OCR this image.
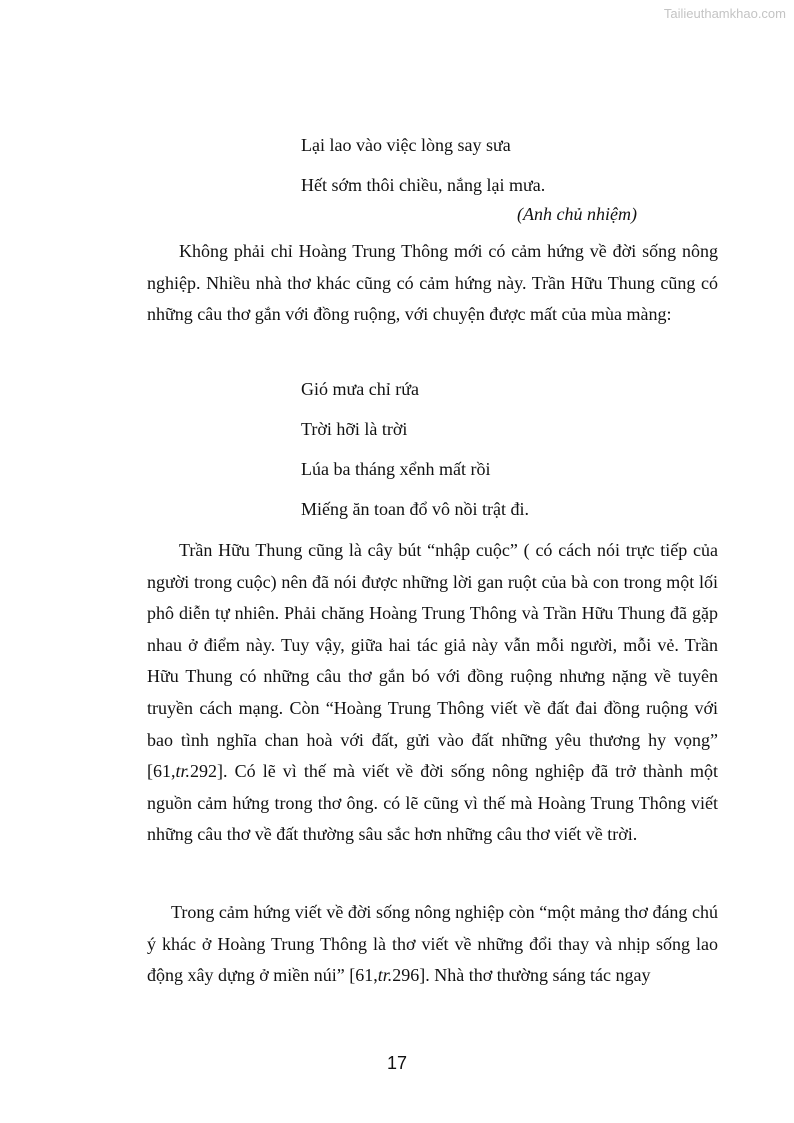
Tailieuthamkhao.com
Lại lao vào việc lòng say sưa
Hết sớm thôi chiều, nắng lại mưa.
(Anh chủ nhiệm)

Không phải chỉ Hoàng Trung Thông mới có cảm hứng về đời sống nông nghiệp. Nhiều nhà thơ khác cũng có cảm hứng này. Trần Hữu Thung cũng có những câu thơ gắn với đồng ruộng, với chuyện được mất của mùa màng:

Gió mưa chỉ rứa
Trời hỡi là trời
Lúa ba tháng xểnh mất rồi
Miếng ăn toan đổ vô nồi trật đi.

Trần Hữu Thung cũng là cây bút “nhập cuộc” ( có cách nói trực tiếp của người trong cuộc) nên đã nói được những lời gan ruột của bà con trong một lối phô diễn tự nhiên. Phải chăng Hoàng Trung Thông và Trần Hữu Thung đã gặp nhau ở điểm này. Tuy vậy, giữa hai tác giả này vẫn mỗi người, mỗi vẻ. Trần Hữu Thung có những câu thơ gắn bó với đồng ruộng nhưng nặng về tuyên truyền cách mạng. Còn “Hoàng Trung Thông viết về đất đai đồng ruộng với bao tình nghĩa chan hoà với đất, gửi vào đất những yêu thương hy vọng” [61,tr.292]. Có lẽ vì thế mà viết về đời sống nông nghiệp đã trở thành một nguồn cảm hứng trong thơ ông. có lẽ cũng vì thế mà Hoàng Trung Thông viết những câu thơ về đất thường sâu sắc hơn những câu thơ viết về trời.

Trong cảm hứng viết về đời sống nông nghiệp còn “một mảng thơ đáng chú ý khác ở Hoàng Trung Thông là thơ viết về những đổi thay và nhịp sống lao động xây dựng ở miền núi” [61,tr.296]. Nhà thơ thường sáng tác ngay

17
